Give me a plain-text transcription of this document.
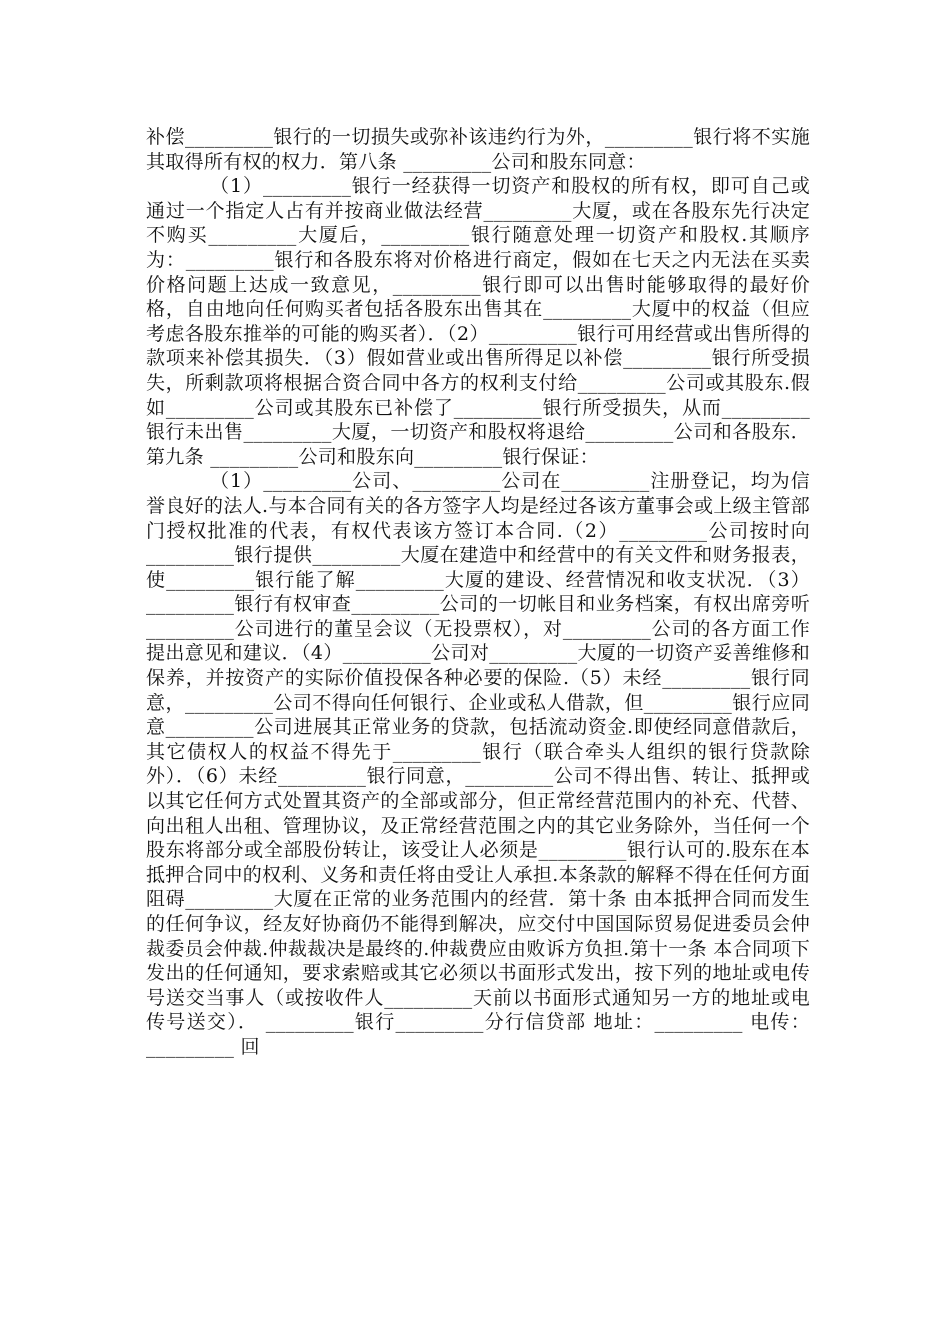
补偿_________银行的一切损失或弥补该违约行为外，_________银行将不实施其取得所有权的权力．第八条 _________公司和股东同意：

（1）_________银行一经获得一切资产和股权的所有权，即可自己或通过一个指定人占有并按商业做法经营_________大厦，或在各股东先行决定不购买_________大厦后，_________银行随意处理一切资产和股权.其顺序为：_________银行和各股东将对价格进行商定，假如在七天之内无法在买卖价格问题上达成一致意见，_________银行即可以出售时能够取得的最好价格，自由地向任何购买者包括各股东出售其在_________大厦中的权益（但应考虑各股东推举的可能的购买者）．（2）_________银行可用经营或出售所得的款项来补偿其损失．（3）假如营业或出售所得足以补偿_________银行所受损失，所剩款项将根据合资合同中各方的权利支付给_________公司或其股东.假如_________公司或其股东已补偿了_________银行所受损失，从而_________银行未出售_________大厦，一切资产和股权将退给_________公司和各股东．第九条 _________公司和股东向_________银行保证：

（1）_________公司、_________公司在_________注册登记，均为信誉良好的法人.与本合同有关的各方签字人均是经过各该方董事会或上级主管部门授权批准的代表，有权代表该方签订本合同.（2）_________公司按时向_________银行提供_________大厦在建造中和经营中的有关文件和财务报表，使_________银行能了解_________大厦的建设、经营情况和收支状况．（3）_________银行有权审查_________公司的一切帐目和业务档案，有权出席旁听_________公司进行的董呈会议（无投票权），对_________公司的各方面工作提出意见和建议．（4）_________公司对_________大厦的一切资产妥善维修和保养，并按资产的实际价值投保各种必要的保险.（5）未经_________银行同意，_________公司不得向任何银行、企业或私人借款，但_________银行应同意_________公司进展其正常业务的贷款，包括流动资金.即使经同意借款后，其它债权人的权益不得先于_________银行（联合牵头人组织的银行贷款除外）．（6）未经_________银行同意，_________公司不得出售、转让、抵押或以其它任何方式处置其资产的全部或部分，但正常经营范围内的补充、代替、向出租人出租、管理协议，及正常经营范围之内的其它业务除外，当任何一个股东将部分或全部股份转让，该受让人必须是_________银行认可的.股东在本抵押合同中的权利、义务和责任将由受让人承担.本条款的解释不得在任何方面阻碍_________大厦在正常的业务范围内的经营．第十条 由本抵押合同而发生的任何争议，经友好协商仍不能得到解决，应交付中国国际贸易促进委员会仲裁委员会仲裁.仲裁裁决是最终的.仲裁费应由败诉方负担.第十一条 本合同项下发出的任何通知，要求索赔或其它必须以书面形式发出，按下列的地址或电传号送交当事人（或按收件人_________天前以书面形式通知另一方的地址或电传号送交）． _________银行_________分行信贷部 地址：_________ 电传：_________ 回
